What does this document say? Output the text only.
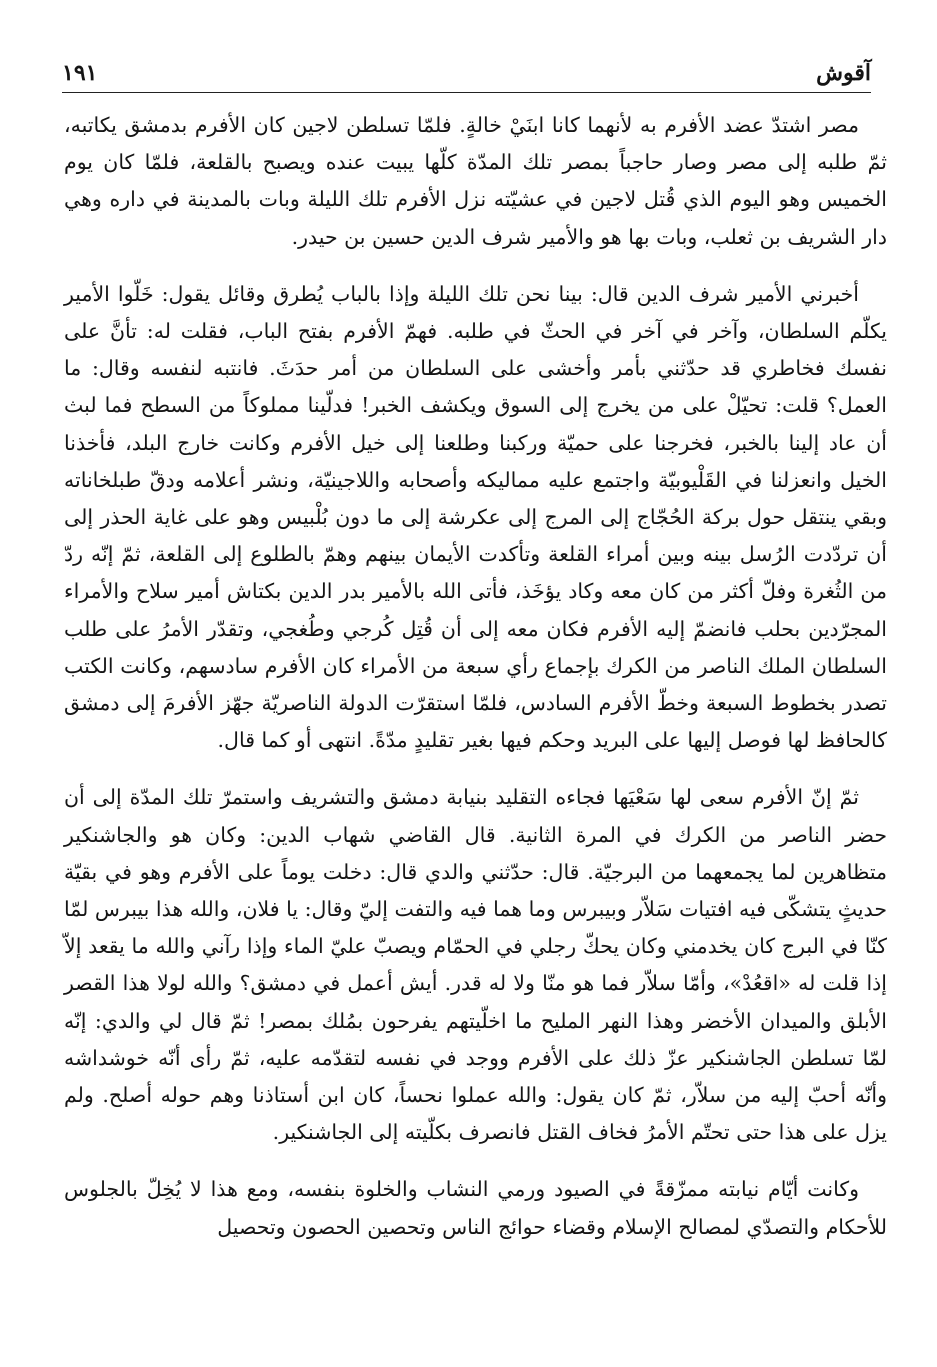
آقوش
١٩١

مصر اشتدّ عضد الأفرم به لأنهما كانا ابنَيْ خالةٍ. فلمّا تسلطن لاجين كان الأفرم بدمشق يكاتبه، ثمّ طلبه إلى مصر وصار حاجباً بمصر تلك المدّة كلّها يبيت عنده ويصبح بالقلعة، فلمّا كان يوم الخميس وهو اليوم الذي قُتل لاجين في عشيّته نزل الأفرم تلك الليلة وبات بالمدينة في داره وهي دار الشريف بن ثعلب، وبات بها هو والأمير شرف الدين حسين بن حيدر.

أخبرني الأمير شرف الدين قال: بينا نحن تلك الليلة وإذا بالباب يُطرق وقائل يقول: خَلّوا الأمير يكلّم السلطان، وآخر في آخر في الحثّ في طلبه. فهمّ الأفرم بفتح الباب، فقلت له: تأنَّ على نفسك فخاطري قد حدّثني بأمر وأخشى على السلطان من أمر حدَثَ. فانتبه لنفسه وقال: ما العمل؟ قلت: تحيّلْ على من يخرج إلى السوق ويكشف الخبر! فدلّينا مملوكاً من السطح فما لبث أن عاد إلينا بالخبر، فخرجنا على حميّة وركبنا وطلعنا إلى خيل الأفرم وكانت خارج البلد، فأخذنا الخيل وانعزلنا في القَلْيوبيّة واجتمع عليه مماليكه وأصحابه واللاجينيّة، ونشر أعلامه ودقّ طبلخاناته وبقي ينتقل حول بركة الحُجّاج إلى المرج إلى عكرشة إلى ما دون بُلْبيس وهو على غاية الحذر إلى أن تردّدت الرُسل بينه وبين أمراء القلعة وتأكدت الأيمان بينهم وهمّ بالطلوع إلى القلعة، ثمّ إنّه ردّ من الثُغرة وفلّ أكثر من كان معه وكاد يؤخَذ، فأتى الله بالأمير بدر الدين بكتاش أمير سلاح والأمراء المجرّدين بحلب فانضمّ إليه الأفرم فكان معه إلى أن قُتِل كُرجي وطُغجي، وتقدّر الأمرُ على طلب السلطان الملك الناصر من الكرك بإجماع رأي سبعة من الأمراء كان الأفرم سادسهم، وكانت الكتب تصدر بخطوط السبعة وخطّ الأفرم السادس، فلمّا استقرّت الدولة الناصريّة جهّز الأفرمَ إلى دمشق كالحافظ لها فوصل إليها على البريد وحكم فيها بغير تقليدٍ مدّةً. انتهى أو كما قال.

ثمّ إنّ الأفرم سعى لها سَعْيَها فجاءه التقليد بنيابة دمشق والتشريف واستمرّ تلك المدّة إلى أن حضر الناصر من الكرك في المرة الثانية. قال القاضي شهاب الدين: وكان هو والجاشنكير متظاهرين لما يجمعهما من البرجيّة. قال: حدّثني والدي قال: دخلت يوماً على الأفرم وهو في بقيّة حديثٍ يتشكّى فيه افتيات سَلاّر وبيبرس وما هما فيه والتفت إليّ وقال: يا فلان، والله هذا بيبرس لمّا كنّا في البرج كان يخدمني وكان يحكّ رجلي في الحمّام ويصبّ عليّ الماء وإذا رآني والله ما يقعد إلاّ إذا قلت له «اقعُدْ»، وأمّا سلاّر فما هو منّا ولا له قدر. أيش أعمل في دمشق؟ والله لولا هذا القصر الأبلق والميدان الأخضر وهذا النهر المليح ما اخلّيتهم يفرحون بمُلك بمصر! ثمّ قال لي والدي: إنّه لمّا تسلطن الجاشنكير عزّ ذلك على الأفرم ووجد في نفسه لتقدّمه عليه، ثمّ رأى أنّه خوشداشه وأنّه أحبّ إليه من سلاّر، ثمّ كان يقول: والله عملوا نحساً، كان ابن أستاذنا وهم حوله أصلح. ولم يزل على هذا حتى تحتّم الأمرُ فخاف القتل فانصرف بكلّيته إلى الجاشنكير.

وكانت أيّام نيابته ممزّقةً في الصيود ورمي النشاب والخلوة بنفسه، ومع هذا لا يُخِلّ بالجلوس للأحكام والتصدّي لمصالح الإسلام وقضاء حوائج الناس وتحصين الحصون وتحصيل
